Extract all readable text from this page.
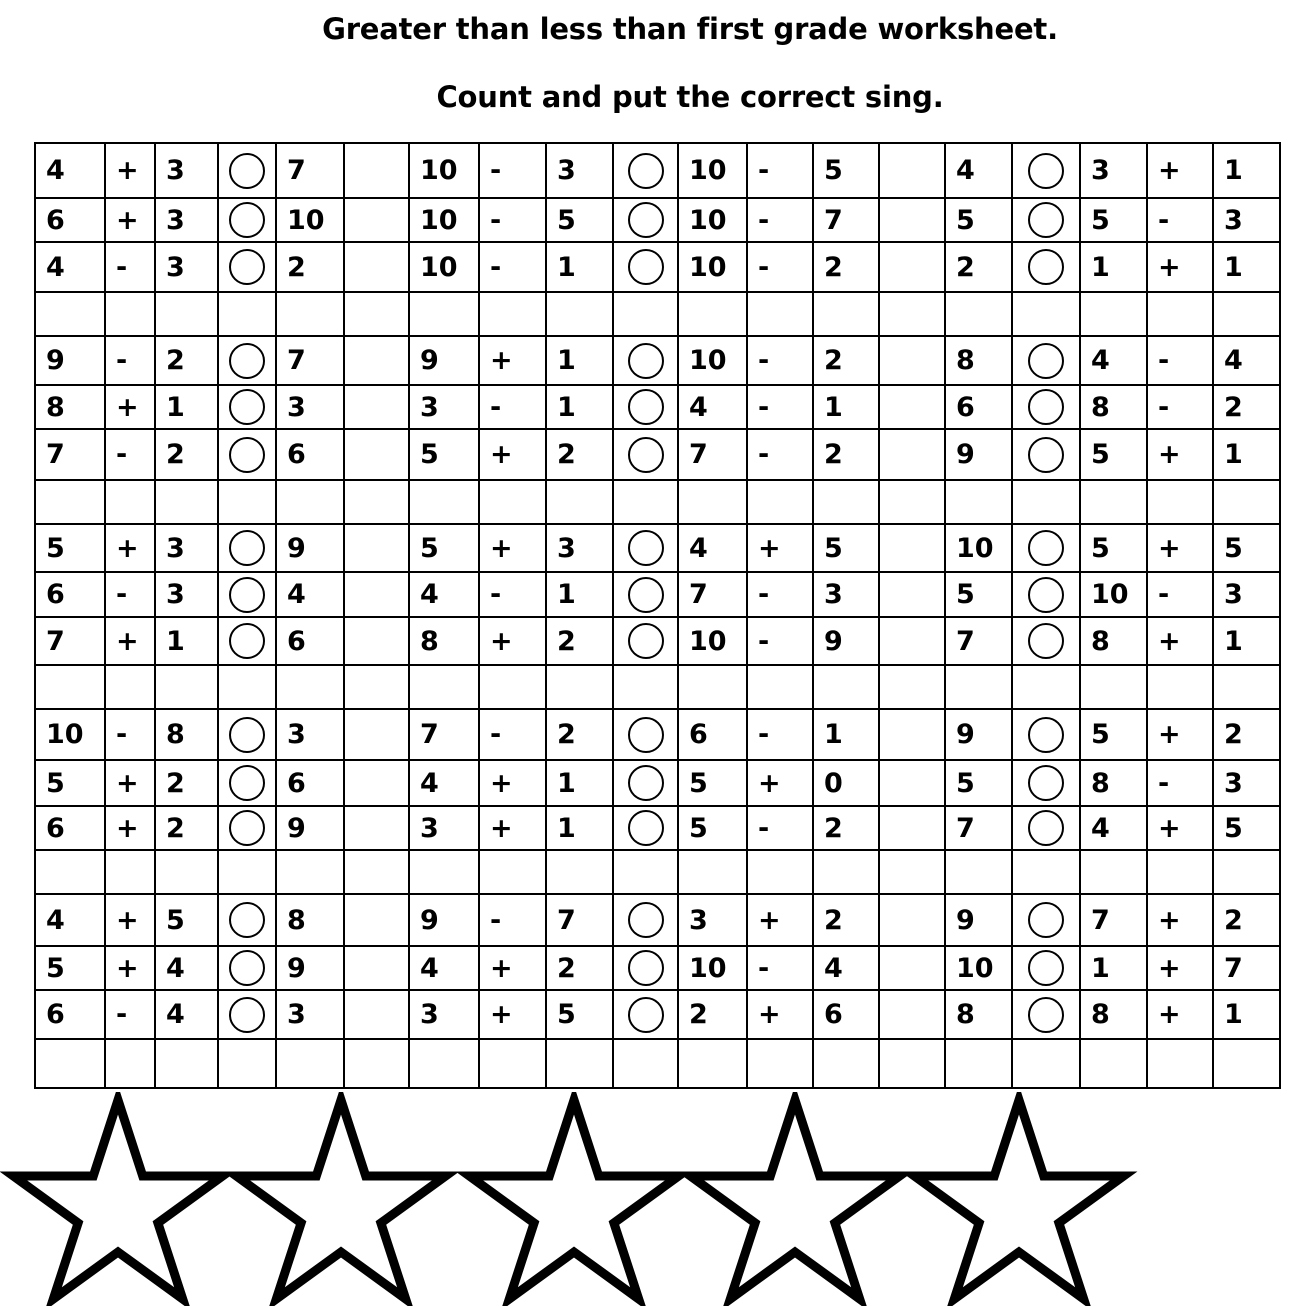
Greater than less than first grade worksheet.
Count and put the correct sing.
4	+	3		7		10	-	3		10	-	5		4		3	+	1
6	+	3		10		10	-	5		10	-	7		5		5	-	3
4	-	3		2		10	-	1		10	-	2		2		1	+	1

9	-	2		7		9	+	1		10	-	2		8		4	-	4
8	+	1		3		3	-	1		4	-	1		6		8	-	2
7	-	2		6		5	+	2		7	-	2		9		5	+	1

5	+	3		9		5	+	3		4	+	5		10		5	+	5
6	-	3		4		4	-	1		7	-	3		5		10	-	3
7	+	1		6		8	+	2		10	-	9		7		8	+	1

10	-	8		3		7	-	2		6	-	1		9		5	+	2
5	+	2		6		4	+	1		5	+	0		5		8	-	3
6	+	2		9		3	+	1		5	-	2		7		4	+	5

4	+	5		8		9	-	7		3	+	2		9		7	+	2
5	+	4		9		4	+	2		10	-	4		10		1	+	7
6	-	4		3		3	+	5		2	+	6		8		8	+	1
